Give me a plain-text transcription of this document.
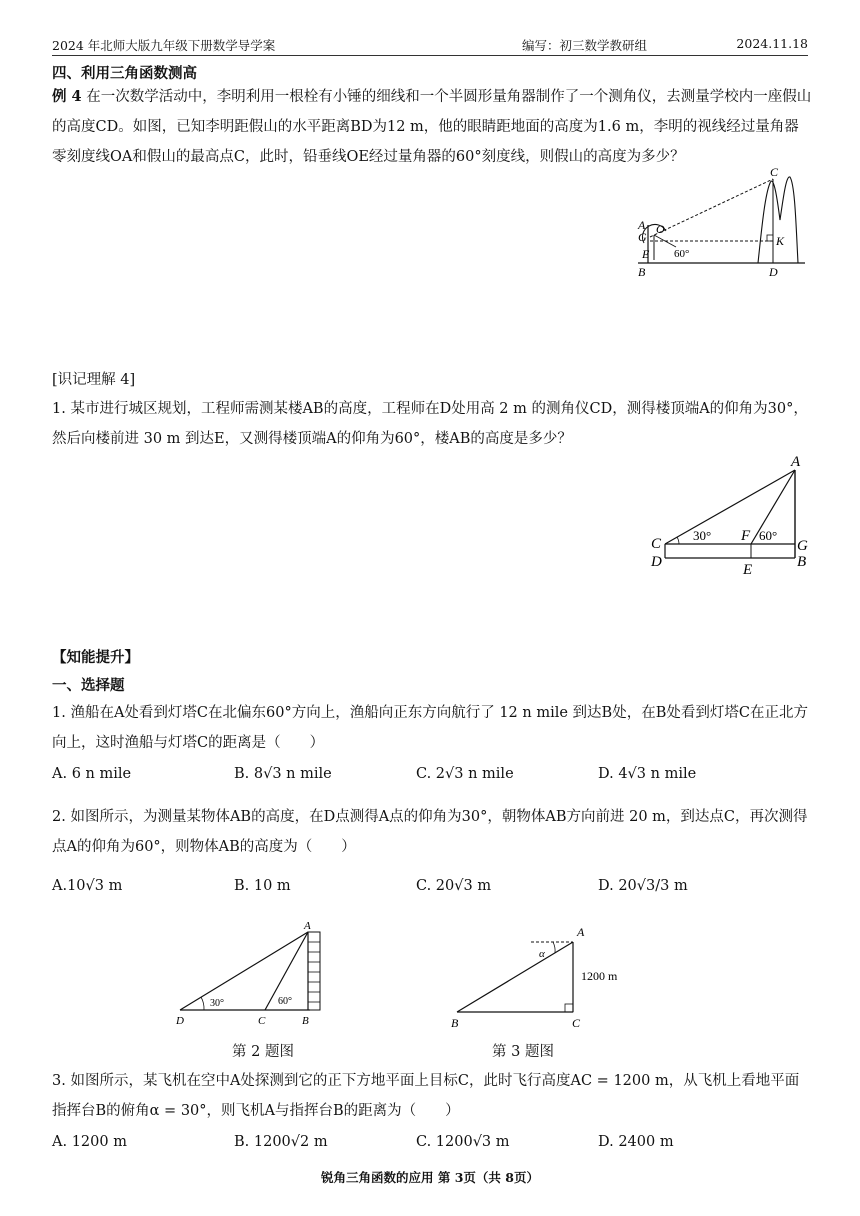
2024 年北师大版九年级下册数学导学案	编写：初三数学教研组	2024.11.18
四、利用三角函数测高
例 4 在一次数学活动中，李明利用一根栓有小锤的细线和一个半圆形量角器制作了一个测角仪，去测量学校内一座假山的高度CD。如图，已知李明距假山的水平距离BD为12 m，他的眼睛距地面的高度为1.6 m，李明的视线经过量角器零刻度线OA和假山的最高点C，此时，铅垂线OE经过量角器的60°刻度线，则假山的高度为多少？
A O
G
E 60°
C
K
B	D
[识记理解 4]
1. 某市进行城区规划，工程师需测某楼AB的高度，工程师在D处用高 2 m 的测角仪CD，测得楼顶端A的仰角为30°，然后向楼前进 30 m 到达E，又测得楼顶端A的仰角为60°，楼AB的高度是多少？
A
C
D	E
F
G
B
30°	60°
【知能提升】
一、选择题
1. 渔船在A处看到灯塔C在北偏东60°方向上，渔船向正东方向航行了 12 n mile 到达B处，在B处看到灯塔C在正北方向上，这时渔船与灯塔C的距离是（　　）
A. 6 n mile	B. 8√3 n mile	C. 2√3 n mile	D. 4√3 n mile
2. 如图所示，为测量某物体AB的高度，在D点测得A点的仰角为30°，朝物体AB方向前进 20 m，到达点C，再次测得点A的仰角为60°，则物体AB的高度为（　　）
A.10√3 m	B. 10 m	C. 20√3 m	D. 20√3/3 m
A
D	C	B
30°	60°
第 2 题图
A
B	C
α
1200 m
第 3 题图
3. 如图所示，某飞机在空中A处探测到它的正下方地平面上目标C，此时飞行高度AC = 1200 m，从飞机上看地平面指挥台B的俯角α = 30°，则飞机A与指挥台B的距离为（　　）
A. 1200 m	B. 1200√2 m	C. 1200√3 m	D. 2400 m
锐角三角函数的应用 第 3页（共 8页）
